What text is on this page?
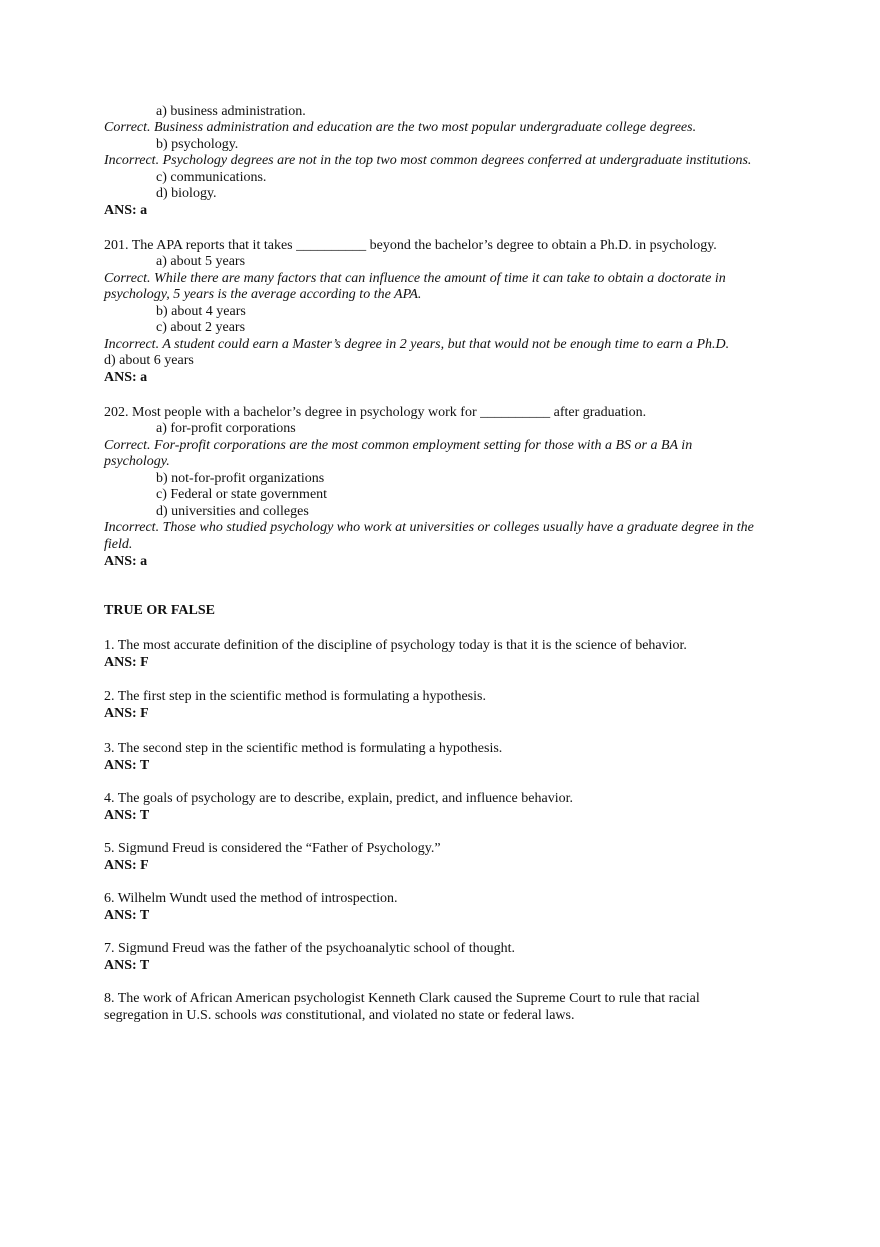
a) business administration.
Correct. Business administration and education are the two most popular undergraduate college degrees.
b) psychology.
Incorrect. Psychology degrees are not in the top two most common degrees conferred at undergraduate institutions.
c) communications.
d) biology.
ANS: a
201. The APA reports that it takes __________ beyond the bachelor’s degree to obtain a Ph.D. in psychology.
a) about 5 years
Correct. While there are many factors that can influence the amount of time it can take to obtain a doctorate in
psychology, 5 years is the average according to the APA.
b) about 4 years
c) about 2 years
Incorrect. A student could earn a Master’s degree in 2 years, but that would not be enough time to earn a Ph.D.
d) about 6 years
ANS: a
202. Most people with a bachelor’s degree in psychology work for __________ after graduation.
a) for-profit corporations
Correct. For-profit corporations are the most common employment setting for those with a BS or a BA in
psychology.
b) not-for-profit organizations
c) Federal or state government
d) universities and colleges
Incorrect. Those who studied psychology who work at universities or colleges usually have a graduate degree in the
field.
ANS: a
TRUE OR FALSE
1. The most accurate definition of the discipline of psychology today is that it is the science of behavior.
ANS: F
2. The first step in the scientific method is formulating a hypothesis.
ANS: F
3. The second step in the scientific method is formulating a hypothesis.
ANS: T
4. The goals of psychology are to describe, explain, predict, and influence behavior.
ANS: T
5. Sigmund Freud is considered the “Father of Psychology.”
ANS: F
6. Wilhelm Wundt used the method of introspection.
ANS: T
7. Sigmund Freud was the father of the psychoanalytic school of thought.
ANS: T
8. The work of African American psychologist Kenneth Clark caused the Supreme Court to rule that racial
segregation in U.S. schools was constitutional, and violated no state or federal laws.
